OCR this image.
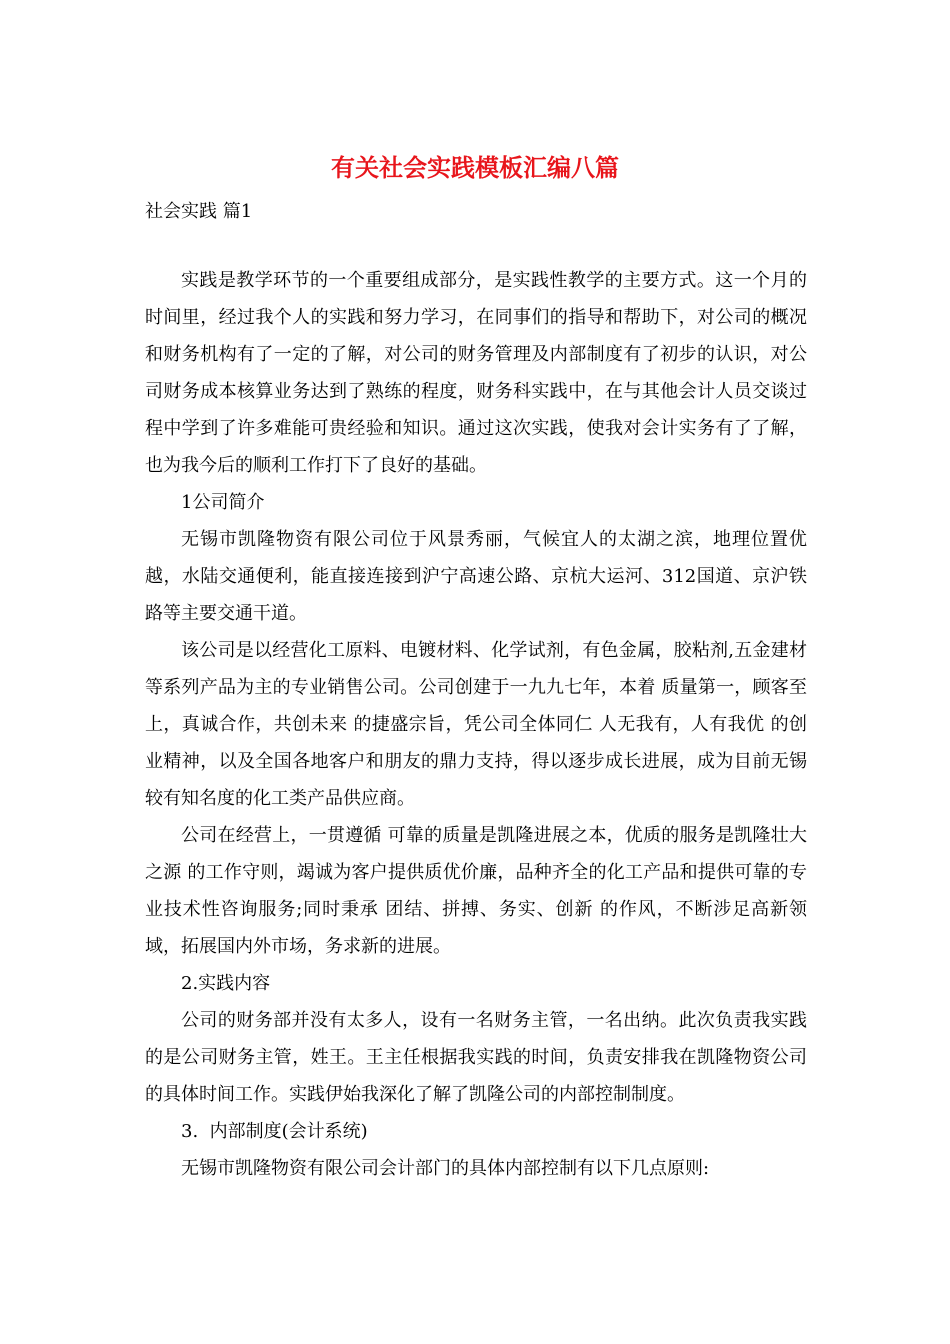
有关社会实践模板汇编八篇
社会实践 篇1

实践是教学环节的一个重要组成部分，是实践性教学的主要方式。这一个月的时间里，经过我个人的实践和努力学习，在同事们的指导和帮助下，对公司的概况和财务机构有了一定的了解，对公司的财务管理及内部制度有了初步的认识，对公司财务成本核算业务达到了熟练的程度，财务科实践中，在与其他会计人员交谈过程中学到了许多难能可贵经验和知识。通过这次实践，使我对会计实务有了了解，也为我今后的顺利工作打下了良好的基础。

1公司简介

无锡市凯隆物资有限公司位于风景秀丽，气候宜人的太湖之滨，地理位置优越，水陆交通便利，能直接连接到沪宁高速公路、京杭大运河、312国道、京沪铁路等主要交通干道。

该公司是以经营化工原料、电镀材料、化学试剂，有色金属，胶粘剂,五金建材等系列产品为主的专业销售公司。公司创建于一九九七年，本着 质量第一，顾客至上，真诚合作，共创未来 的捷盛宗旨，凭公司全体同仁 人无我有，人有我优 的创业精神，以及全国各地客户和朋友的鼎力支持，得以逐步成长进展，成为目前无锡较有知名度的化工类产品供应商。

公司在经营上，一贯遵循 可靠的质量是凯隆进展之本，优质的服务是凯隆壮大之源 的工作守则，竭诚为客户提供质优价廉，品种齐全的化工产品和提供可靠的专业技术性咨询服务;同时秉承 团结、拼搏、务实、创新 的作风，不断涉足高新领域，拓展国内外市场，务求新的进展。

2.实践内容

公司的财务部并没有太多人，设有一名财务主管，一名出纳。此次负责我实践的是公司财务主管，姓王。王主任根据我实践的时间，负责安排我在凯隆物资公司的具体时间工作。实践伊始我深化了解了凯隆公司的内部控制制度。

3.  内部制度(会计系统)

无锡市凯隆物资有限公司会计部门的具体内部控制有以下几点原则:
